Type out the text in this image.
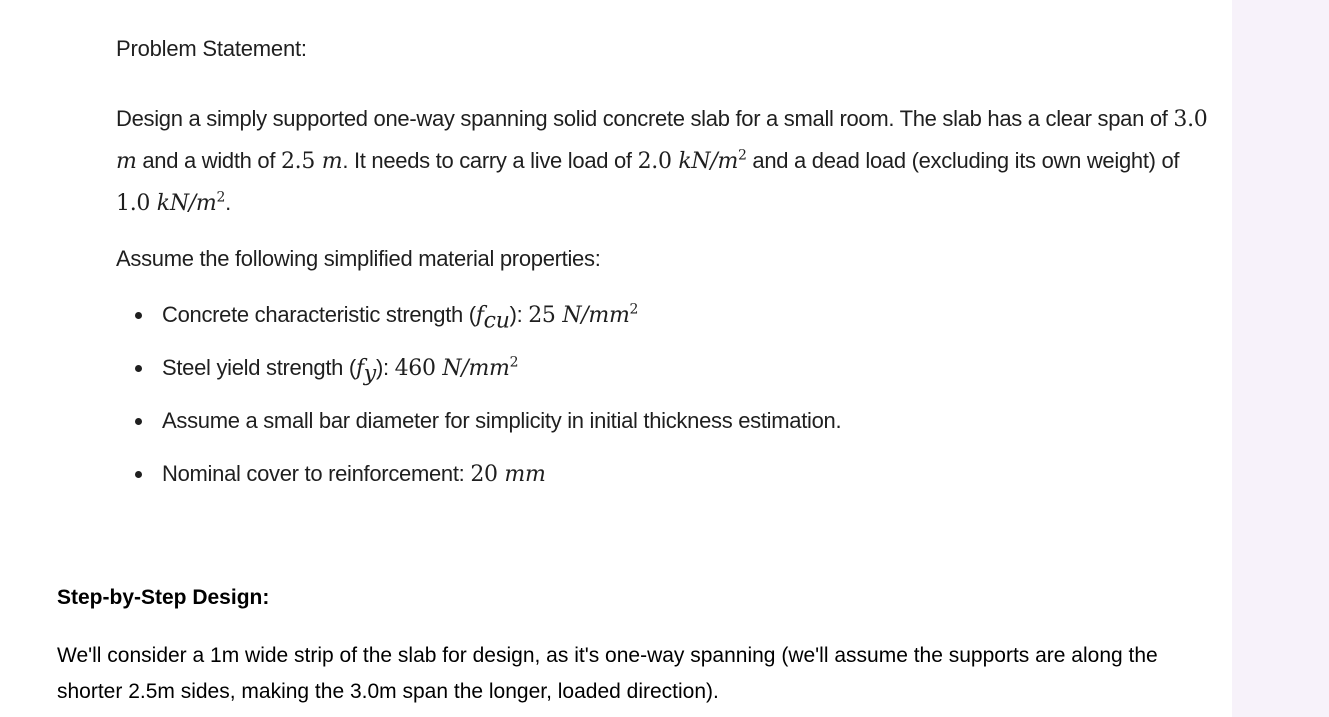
Problem Statement:
Design a simply supported one-way spanning solid concrete slab for a small room. The slab has a clear span of 3.0 m and a width of 2.5 m. It needs to carry a live load of 2.0 $kN/m^2$ and a dead load (excluding its own weight) of 1.0 $kN/m^2$.
Assume the following simplified material properties:
Concrete characteristic strength $(f_{cu})$: 25 $N/mm^2$
Steel yield strength $(f_y)$: 460 $N/mm^2$
Assume a small bar diameter for simplicity in initial thickness estimation.
Nominal cover to reinforcement: 20 mm
Step-by-Step Design:
We'll consider a 1m wide strip of the slab for design, as it's one-way spanning (we'll assume the supports are along the shorter 2.5m sides, making the 3.0m span the longer, loaded direction).
